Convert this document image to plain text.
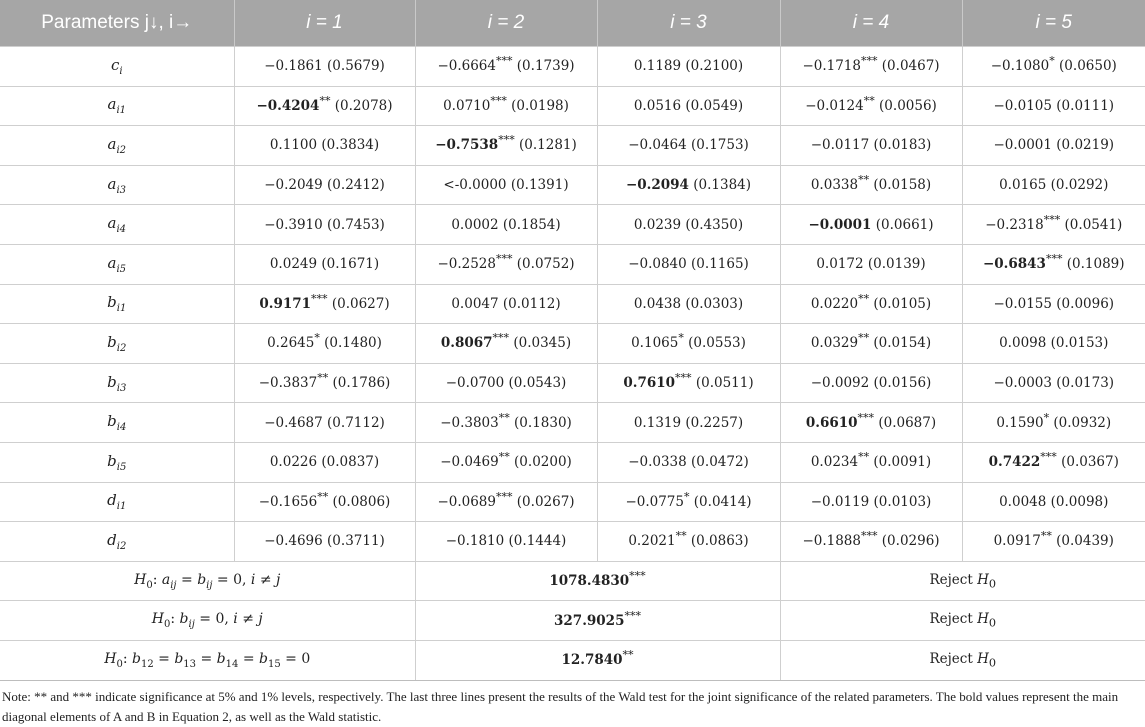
Parameters j↓, i→	i = 1	i = 2	i = 3	i = 4	i = 5
$c_i$	−0.1861 (0.5679)	−0.6664*** (0.1739)	0.1189 (0.2100)	−0.1718*** (0.0467)	−0.1080* (0.0650)
$a_{i1}$	−0.4204** (0.2078)	0.0710*** (0.0198)	0.0516 (0.0549)	−0.0124** (0.0056)	−0.0105 (0.0111)
$a_{i2}$	0.1100 (0.3834)	−0.7538*** (0.1281)	−0.0464 (0.1753)	−0.0117 (0.0183)	−0.0001 (0.0219)
$a_{i3}$	−0.2049 (0.2412)	<-0.0000 (0.1391)	−0.2094 (0.1384)	0.0338** (0.0158)	0.0165 (0.0292)
$a_{i4}$	−0.3910 (0.7453)	0.0002 (0.1854)	0.0239 (0.4350)	−0.0001 (0.0661)	−0.2318*** (0.0541)
$a_{i5}$	0.0249 (0.1671)	−0.2528*** (0.0752)	−0.0840 (0.1165)	0.0172 (0.0139)	−0.6843*** (0.1089)
$b_{i1}$	0.9171*** (0.0627)	0.0047 (0.0112)	0.0438 (0.0303)	0.0220** (0.0105)	−0.0155 (0.0096)
$b_{i2}$	0.2645* (0.1480)	0.8067*** (0.0345)	0.1065* (0.0553)	0.0329** (0.0154)	0.0098 (0.0153)
$b_{i3}$	−0.3837** (0.1786)	−0.0700 (0.0543)	0.7610*** (0.0511)	−0.0092 (0.0156)	−0.0003 (0.0173)
$b_{i4}$	−0.4687 (0.7112)	−0.3803** (0.1830)	0.1319 (0.2257)	0.6610*** (0.0687)	0.1590* (0.0932)
$b_{i5}$	0.0226 (0.0837)	−0.0469** (0.0200)	−0.0338 (0.0472)	0.0234** (0.0091)	0.7422*** (0.0367)
$d_{i1}$	−0.1656** (0.0806)	−0.0689*** (0.0267)	−0.0775* (0.0414)	−0.0119 (0.0103)	0.0048 (0.0098)
$d_{i2}$	−0.4696 (0.3711)	−0.1810 (0.1444)	0.2021** (0.0863)	−0.1888*** (0.0296)	0.0917** (0.0439)
$H_0$: $a_{ij} = b_{ij} = 0$, i ≠ j		1078.4830***		Reject $H_0$
$H_0$: $b_{ij} = 0$, i ≠ j		327.9025***		Reject $H_0$
$H_0$: $b_{12} = b_{13} = b_{14} = b_{15} = 0$		12.7840**		Reject $H_0$
Note: ** and *** indicate significance at 5% and 1% levels, respectively. The last three lines present the results of the Wald test for the joint significance of the related parameters. The bold values represent the main diagonal elements of A and B in Equation 2, as well as the Wald statistic.
